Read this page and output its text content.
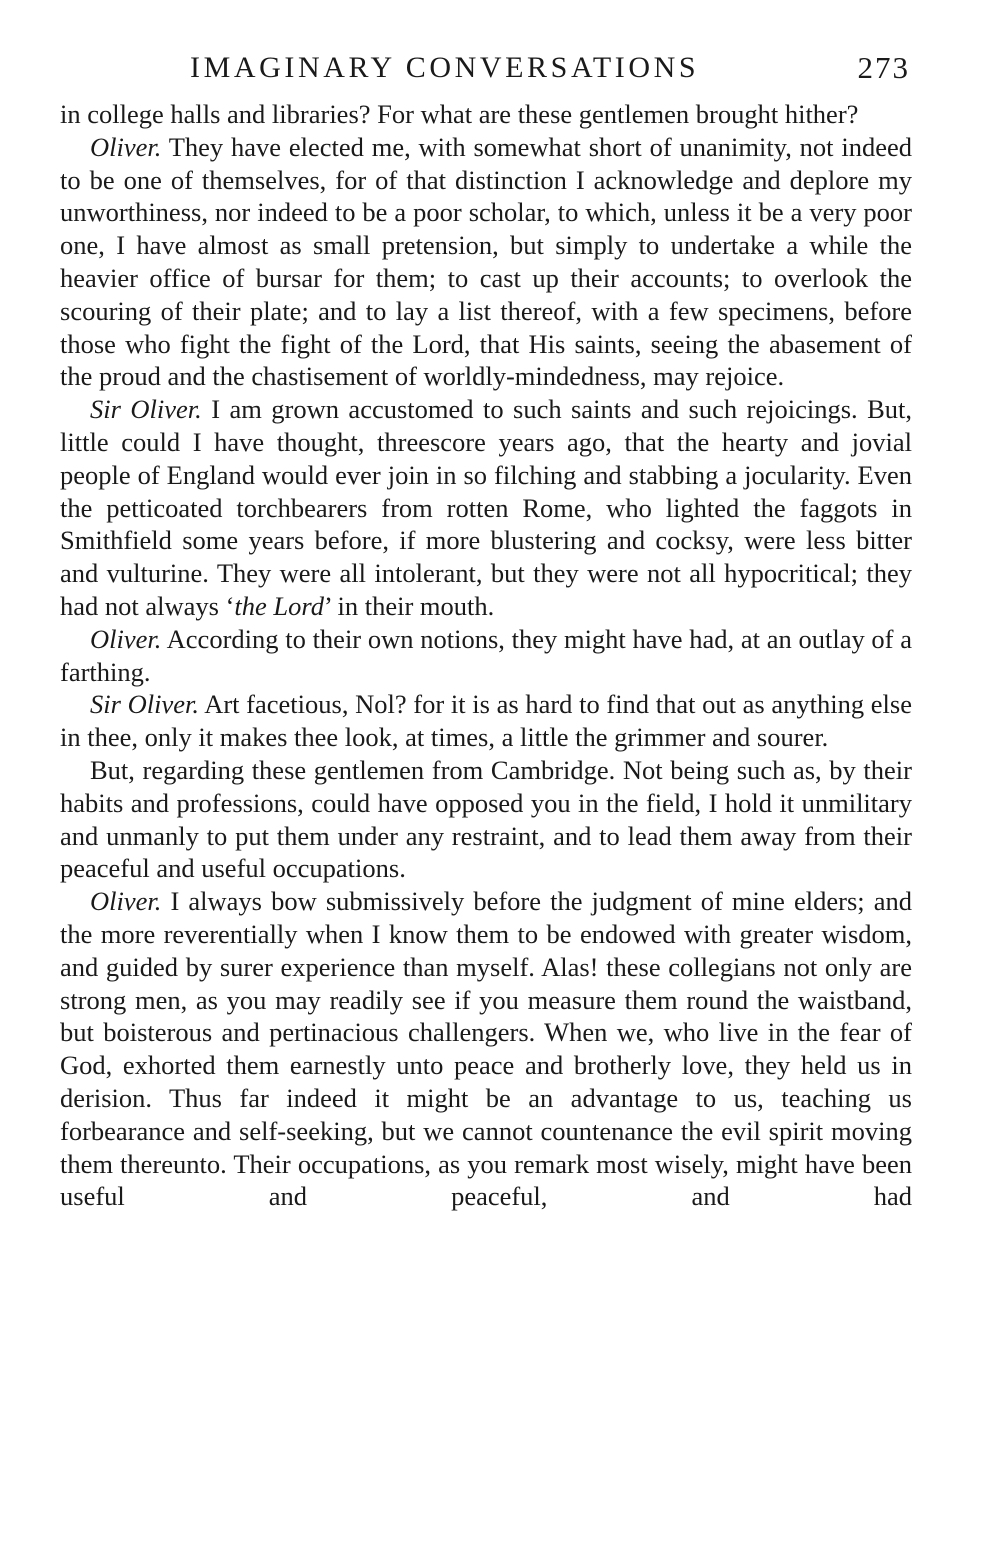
IMAGINARY CONVERSATIONS	273

in college halls and libraries? For what are these gentlemen brought hither?

Oliver. They have elected me, with somewhat short of unanimity, not indeed to be one of themselves, for of that distinction I acknowledge and deplore my unworthiness, nor indeed to be a poor scholar, to which, unless it be a very poor one, I have almost as small pretension, but simply to undertake a while the heavier office of bursar for them; to cast up their accounts; to overlook the scouring of their plate; and to lay a list thereof, with a few specimens, before those who fight the fight of the Lord, that His saints, seeing the abasement of the proud and the chastisement of worldly-mindedness, may rejoice.

Sir Oliver. I am grown accustomed to such saints and such rejoicings. But, little could I have thought, threescore years ago, that the hearty and jovial people of England would ever join in so filching and stabbing a jocularity. Even the petticoated torchbearers from rotten Rome, who lighted the faggots in Smithfield some years before, if more blustering and cocksy, were less bitter and vulturine. They were all intolerant, but they were not all hypocritical; they had not always ‘the Lord’ in their mouth.

Oliver. According to their own notions, they might have had, at an outlay of a farthing.

Sir Oliver. Art facetious, Nol? for it is as hard to find that out as anything else in thee, only it makes thee look, at times, a little the grimmer and sourer.

But, regarding these gentlemen from Cambridge. Not being such as, by their habits and professions, could have opposed you in the field, I hold it unmilitary and unmanly to put them under any restraint, and to lead them away from their peaceful and useful occupations.

Oliver. I always bow submissively before the judgment of mine elders; and the more reverentially when I know them to be endowed with greater wisdom, and guided by surer experience than myself. Alas! these collegians not only are strong men, as you may readily see if you measure them round the waistband, but boisterous and pertinacious challengers. When we, who live in the fear of God, exhorted them earnestly unto peace and brotherly love, they held us in derision. Thus far indeed it might be an advantage to us, teaching us forbearance and self-seeking, but we cannot countenance the evil spirit moving them thereunto. Their occupations, as you remark most wisely, might have been useful and peaceful, and had
